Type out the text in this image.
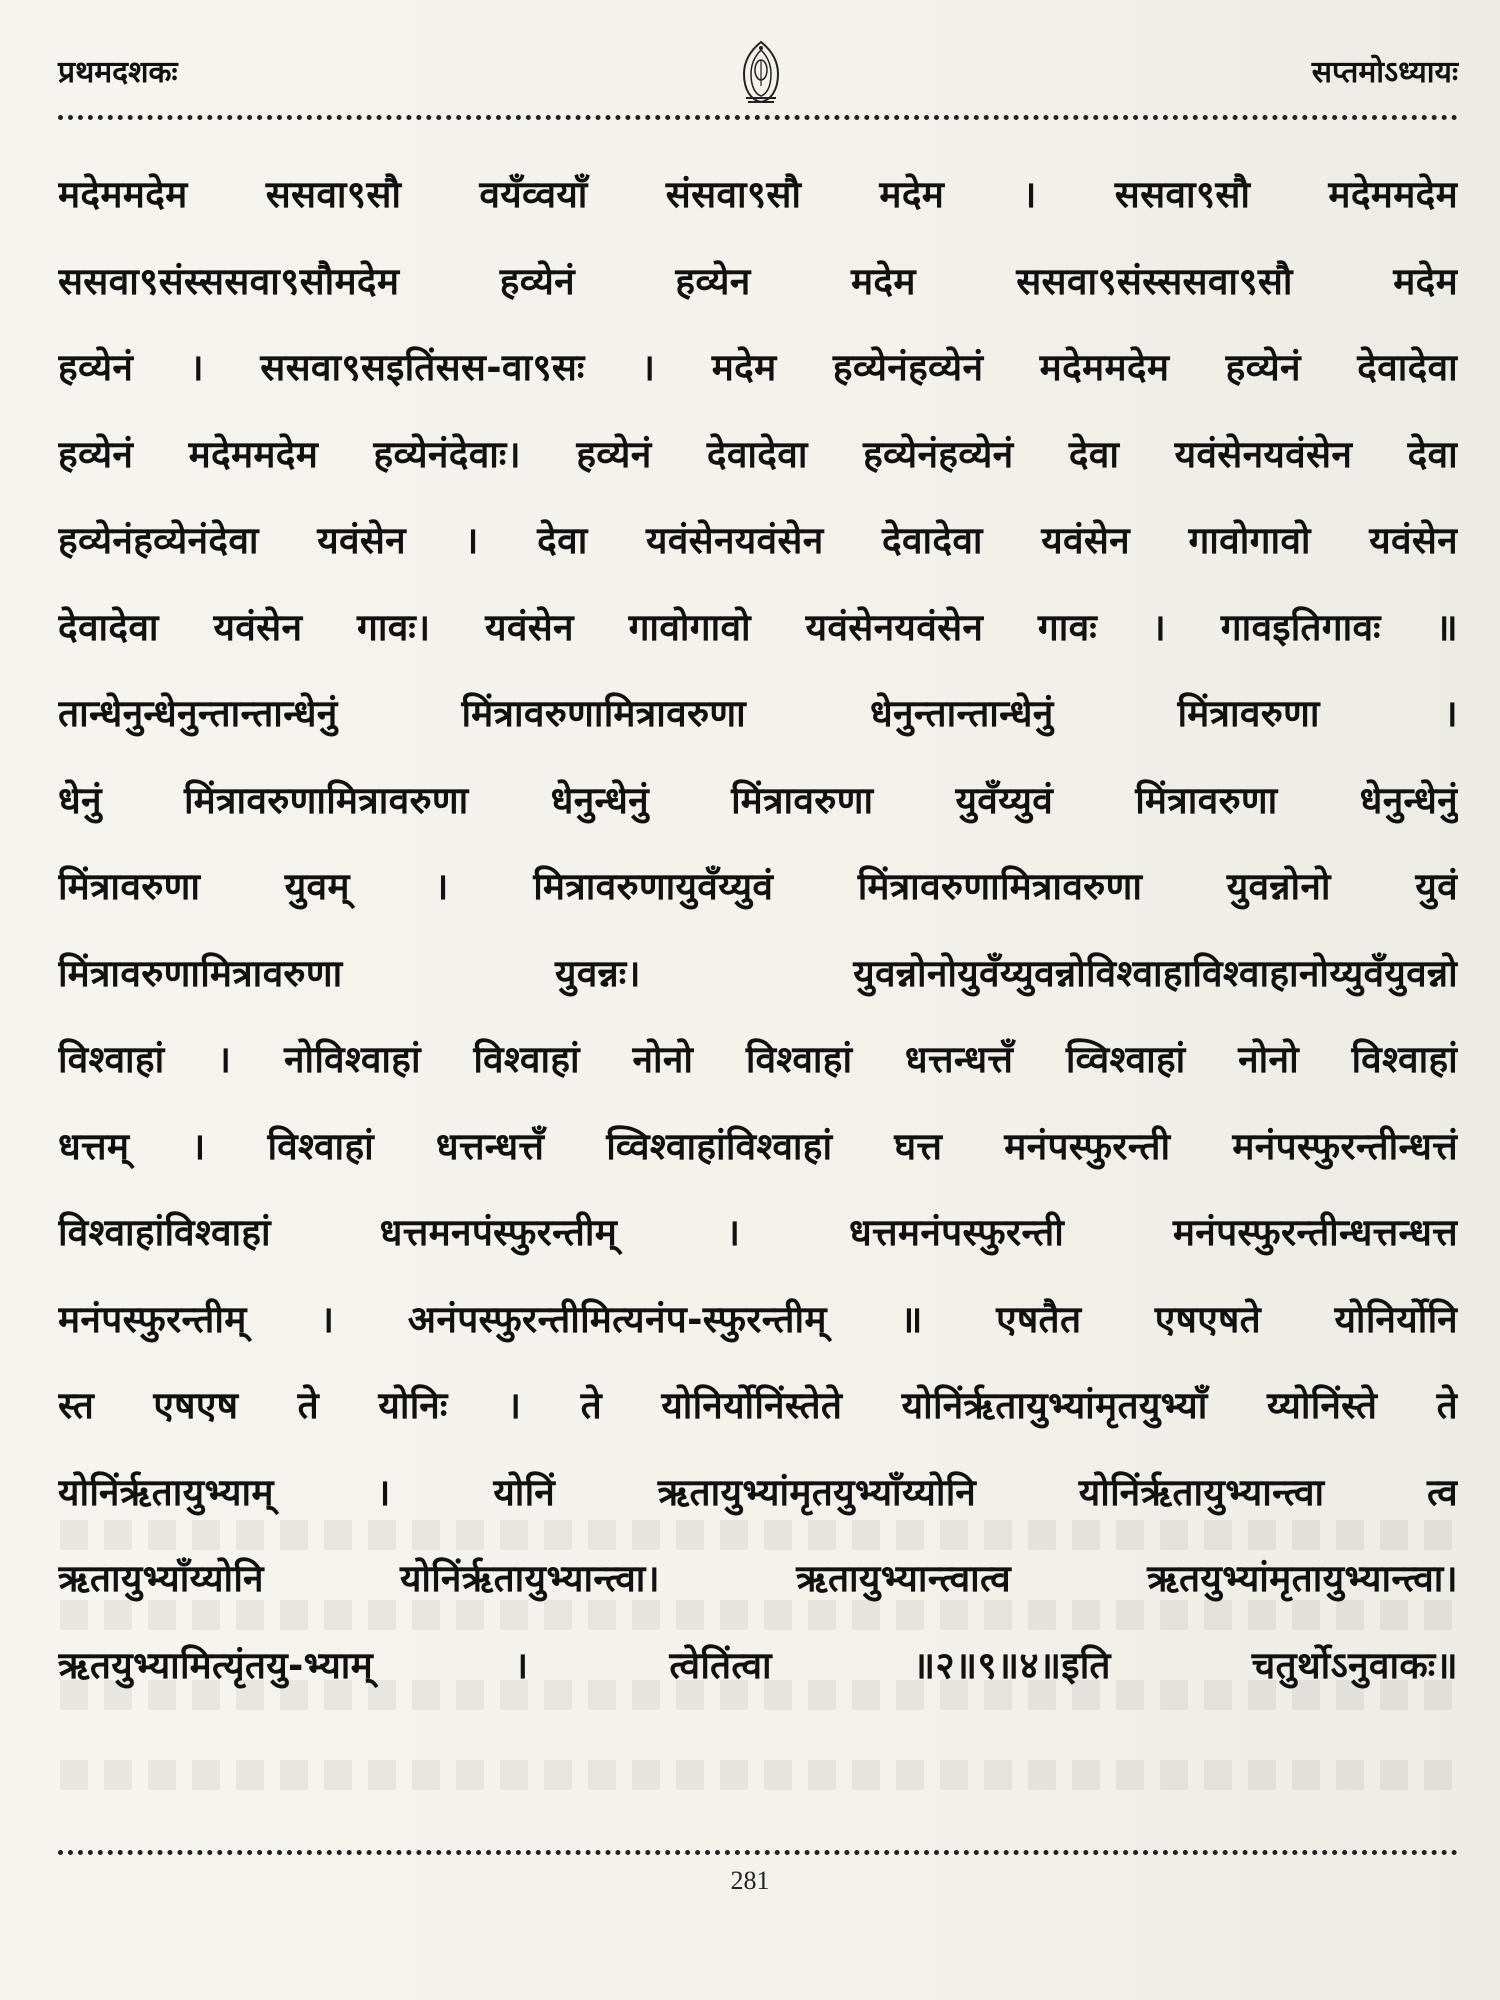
प्रथमदशकः	सप्तमोऽध्यायः
मदेममदेम ससवा९सौ वयँव्वयाँ संसवा९सौ मदेम । ससवा९सौ मदेममदेम
ससवा९संस्ससवा९सौमदेम हव्येनं हव्येन मदेम ससवा९संस्ससवा९सौ मदेम
हव्येनं । ससवा९सइतिंसस-वा९सः । मदेम हव्येनंहव्येनं मदेममदेम हव्येनं देवादेवा
हव्येनं मदेममदेम हव्येनंदेवाः। हव्येनं देवादेवा हव्येनंहव्येनं देवा यवंसेनयवंसेन देवा
हव्येनंहव्येनंदेवा यवंसेन । देवा यवंसेनयवंसेन देवादेवा यवंसेन गावोगावो यवंसेन
देवादेवा यवंसेन गावः। यवंसेन गावोगावो यवंसेनयवंसेन गावः । गावइतिगावः ॥
तान्धेनुन्धेनुन्तान्तान्धेनुं मिंत्रावरुणामित्रावरुणा धेनुन्तान्तान्धेनुं मिंत्रावरुणा ।
धेनुं मिंत्रावरुणामित्रावरुणा धेनुन्धेनुं मिंत्रावरुणा युवँय्युवं मिंत्रावरुणा धेनुन्धेनुं
मिंत्रावरुणा युवम् । मित्रावरुणायुवँय्युवं मिंत्रावरुणामित्रावरुणा युवन्नोनो युवं
मिंत्रावरुणामित्रावरुणा युवन्नः। युवन्नोनोयुवँय्युवन्नोविश्वाहाविश्वाहानोय्युवँयुवन्नो
विश्वाहां । नोविश्वाहां विश्वाहां नोनो विश्वाहां धत्तन्धत्तँ व्विश्वाहां नोनो विश्वाहां
धत्तम् । विश्वाहां धत्तन्धत्तँ व्विश्वाहांविश्वाहां घत्त मनंपस्फुरन्ती मनंपस्फुरन्तीन्धत्तं
विश्वाहांविश्वाहां धत्तमनपंस्फुरन्तीम् । धत्तमनंपस्फुरन्ती मनंपस्फुरन्तीन्धत्तन्धत्त
मनंपस्फुरन्तीम् । अनंपस्फुरन्तीमित्यनंप-स्फुरन्तीम् ॥ एषतैत एषएषते योनिर्योनि
स्त एषएष ते योनिः । ते योनिर्योनिंस्तेते योनिंर्ऋतायुभ्यांमृतयुभ्याँ य्योनिंस्ते ते
योनिंर्ऋतायुभ्याम् । योनिं ऋतायुभ्यांमृतयुभ्याँय्योनि योनिंर्ऋतायुभ्यान्त्वा त्व
ऋतायुभ्याँय्योनि योनिंर्ऋतायुभ्यान्त्वा। ऋतायुभ्यान्त्वात्व ऋतयुभ्यांमृतायुभ्यान्त्वा।
ऋतयुभ्यामित्यृंतयु-भ्याम् । त्वेतिंत्वा ॥२॥९॥४॥इति चतुर्थोऽनुवाकः॥
281
